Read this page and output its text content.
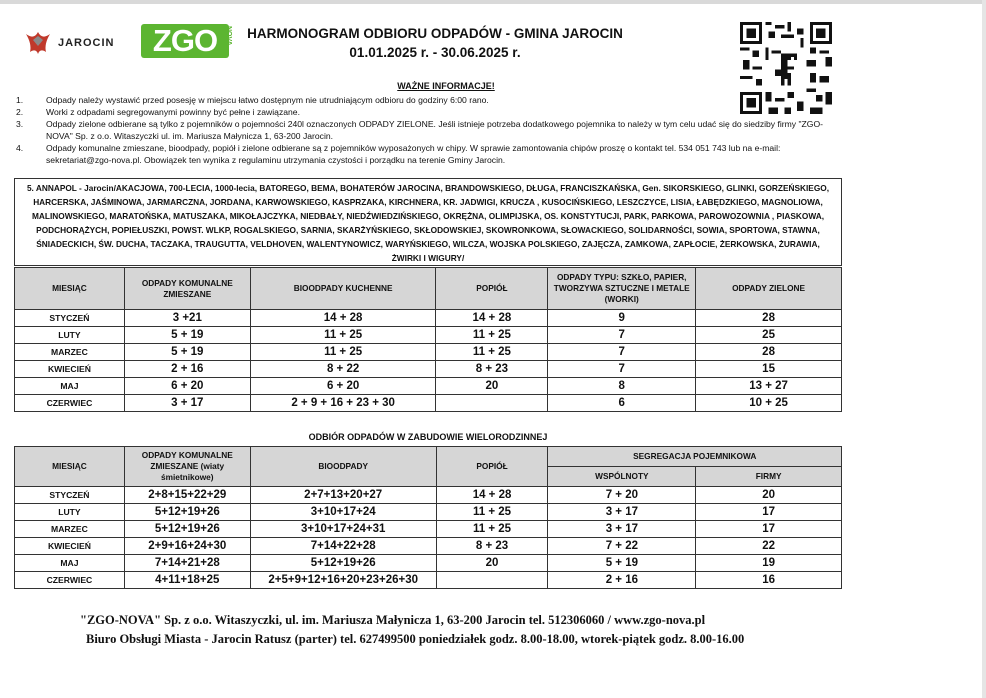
JAROCIN	ZGO	NOVA	HARMONOGRAM ODBIORU ODPADÓW - GMINA JAROCIN
01.01.2025 r. - 30.06.2025 r.
WAŻNE INFORMACJE!
1.	Odpady należy wystawić przed posesję w miejscu łatwo dostępnym nie utrudniającym odbioru do godziny 6:00 rano.
2.	Worki z odpadami segregowanymi powinny być pełne i zawiązane.
3.	Odpady zielone odbierane są tylko z pojemników o pojemności 240l oznaczonych ODPADY ZIELONE. Jeśli istnieje potrzeba dodatkowego pojemnika to należy w tym celu udać się do siedziby firmy "ZGO-NOVA" Sp. z o.o. Witaszyczki ul. im. Mariusza Małynicza 1, 63-200 Jarocin.
4.	Odpady komunalne zmieszane, bioodpady, popiół i zielone odbierane są z pojemników wyposażonych w chipy. W sprawie zamontowania chipów proszę o kontakt tel. 534 051 743 lub na e-mail: sekretariat@zgo-nova.pl. Obowiązek ten wynika z regulaminu utrzymania czystości i porządku na terenie Gminy Jarocin.
5. ANNAPOL - Jarocin/AKACJOWA, 700-LECIA, 1000-lecia, BATOREGO, BEMA, BOHATERÓW JAROCINA, BRANDOWSKIEGO, DŁUGA, FRANCISZKAŃSKA, Gen. SIKORSKIEGO, GLINKI, GORZEŃSKIEGO, HARCERSKA, JAŚMINOWA, JARMARCZNA, JORDANA, KARWOWSKIEGO, KASPRZAKA, KIRCHNERA, KR. JADWIGI, KRUCZA , KUSOCIŃSKIEGO, LESZCZYCE, LISIA, ŁABĘDZKIEGO, MAGNOLIOWA, MALINOWSKIEGO, MARATOŃSKA, MATUSZAKA, MIKOŁAJCZYKA, NIEDBAŁY, NIEDŹWIEDZIŃSKIEGO, OKRĘŻNA, OLIMPIJSKA, OS. KONSTYTUCJI, PARK, PARKOWA, PAROWOZOWNIA , PIASKOWA, PODCHORĄŻYCH, POPIEŁUSZKI, POWST. WLKP, ROGALSKIEGO, SARNIA, SKARŻYŃSKIEGO, SKŁODOWSKIEJ, SKOWRONKOWA, SŁOWACKIEGO, SOLIDARNOŚCI, SOWIA, SPORTOWA, STAWNA, ŚNIADECKICH, ŚW. DUCHA, TACZAKA, TRAUGUTTA, VELDHOVEN, WALENTYNOWICZ, WARYŃSKIEGO, WILCZA, WOJSKA POLSKIEGO, ZAJĘCZA, ZAMKOWA, ZAPŁOCIE, ŻERKOWSKA, ŻURAWIA, ŻWIRKI I WIGURY/
MIESIĄC	ODPADY KOMUNALNE ZMIESZANE	BIOODPADY KUCHENNE	POPIÓŁ	ODPADY TYPU: SZKŁO, PAPIER, TWORZYWA SZTUCZNE I METALE (WORKI)	ODPADY ZIELONE
STYCZEŃ	3 +21	14 + 28	14 + 28	9	28
LUTY	5 + 19	11 + 25	11 + 25	7	25
MARZEC	5 + 19	11 + 25	11 + 25	7	28
KWIECIEŃ	2 + 16	8 + 22	8 + 23	7	15
MAJ	6 + 20	6 + 20	20	8	13 + 27
CZERWIEC	3 + 17	2 + 9 + 16 + 23 + 30		6	10 + 25
ODBIÓR ODPADÓW W ZABUDOWIE WIELORODZINNEJ
MIESIĄC	ODPADY KOMUNALNE ZMIESZANE (wiaty śmietnikowe)	BIOODPADY	POPIÓŁ	SEGREGACJA POJEMNIKOWA	
				WSPÓLNOTY	FIRMY
STYCZEŃ	2+8+15+22+29	2+7+13+20+27	14 + 28	7 + 20	20
LUTY	5+12+19+26	3+10+17+24	11 + 25	3 + 17	17
MARZEC	5+12+19+26	3+10+17+24+31	11 + 25	3 + 17	17
KWIECIEŃ	2+9+16+24+30	7+14+22+28	8 + 23	7 + 22	22
MAJ	7+14+21+28	5+12+19+26	20	5 + 19	19
CZERWIEC	4+11+18+25	2+5+9+12+16+20+23+26+30		2 + 16	16
"ZGO-NOVA" Sp. z o.o. Witaszyczki, ul. im. Mariusza Małynicza 1, 63-200 Jarocin tel. 512306060 / www.zgo-nova.pl
Biuro Obsługi Miasta - Jarocin Ratusz (parter) tel. 627499500 poniedziałek godz. 8.00-18.00, wtorek-piątek godz. 8.00-16.00
